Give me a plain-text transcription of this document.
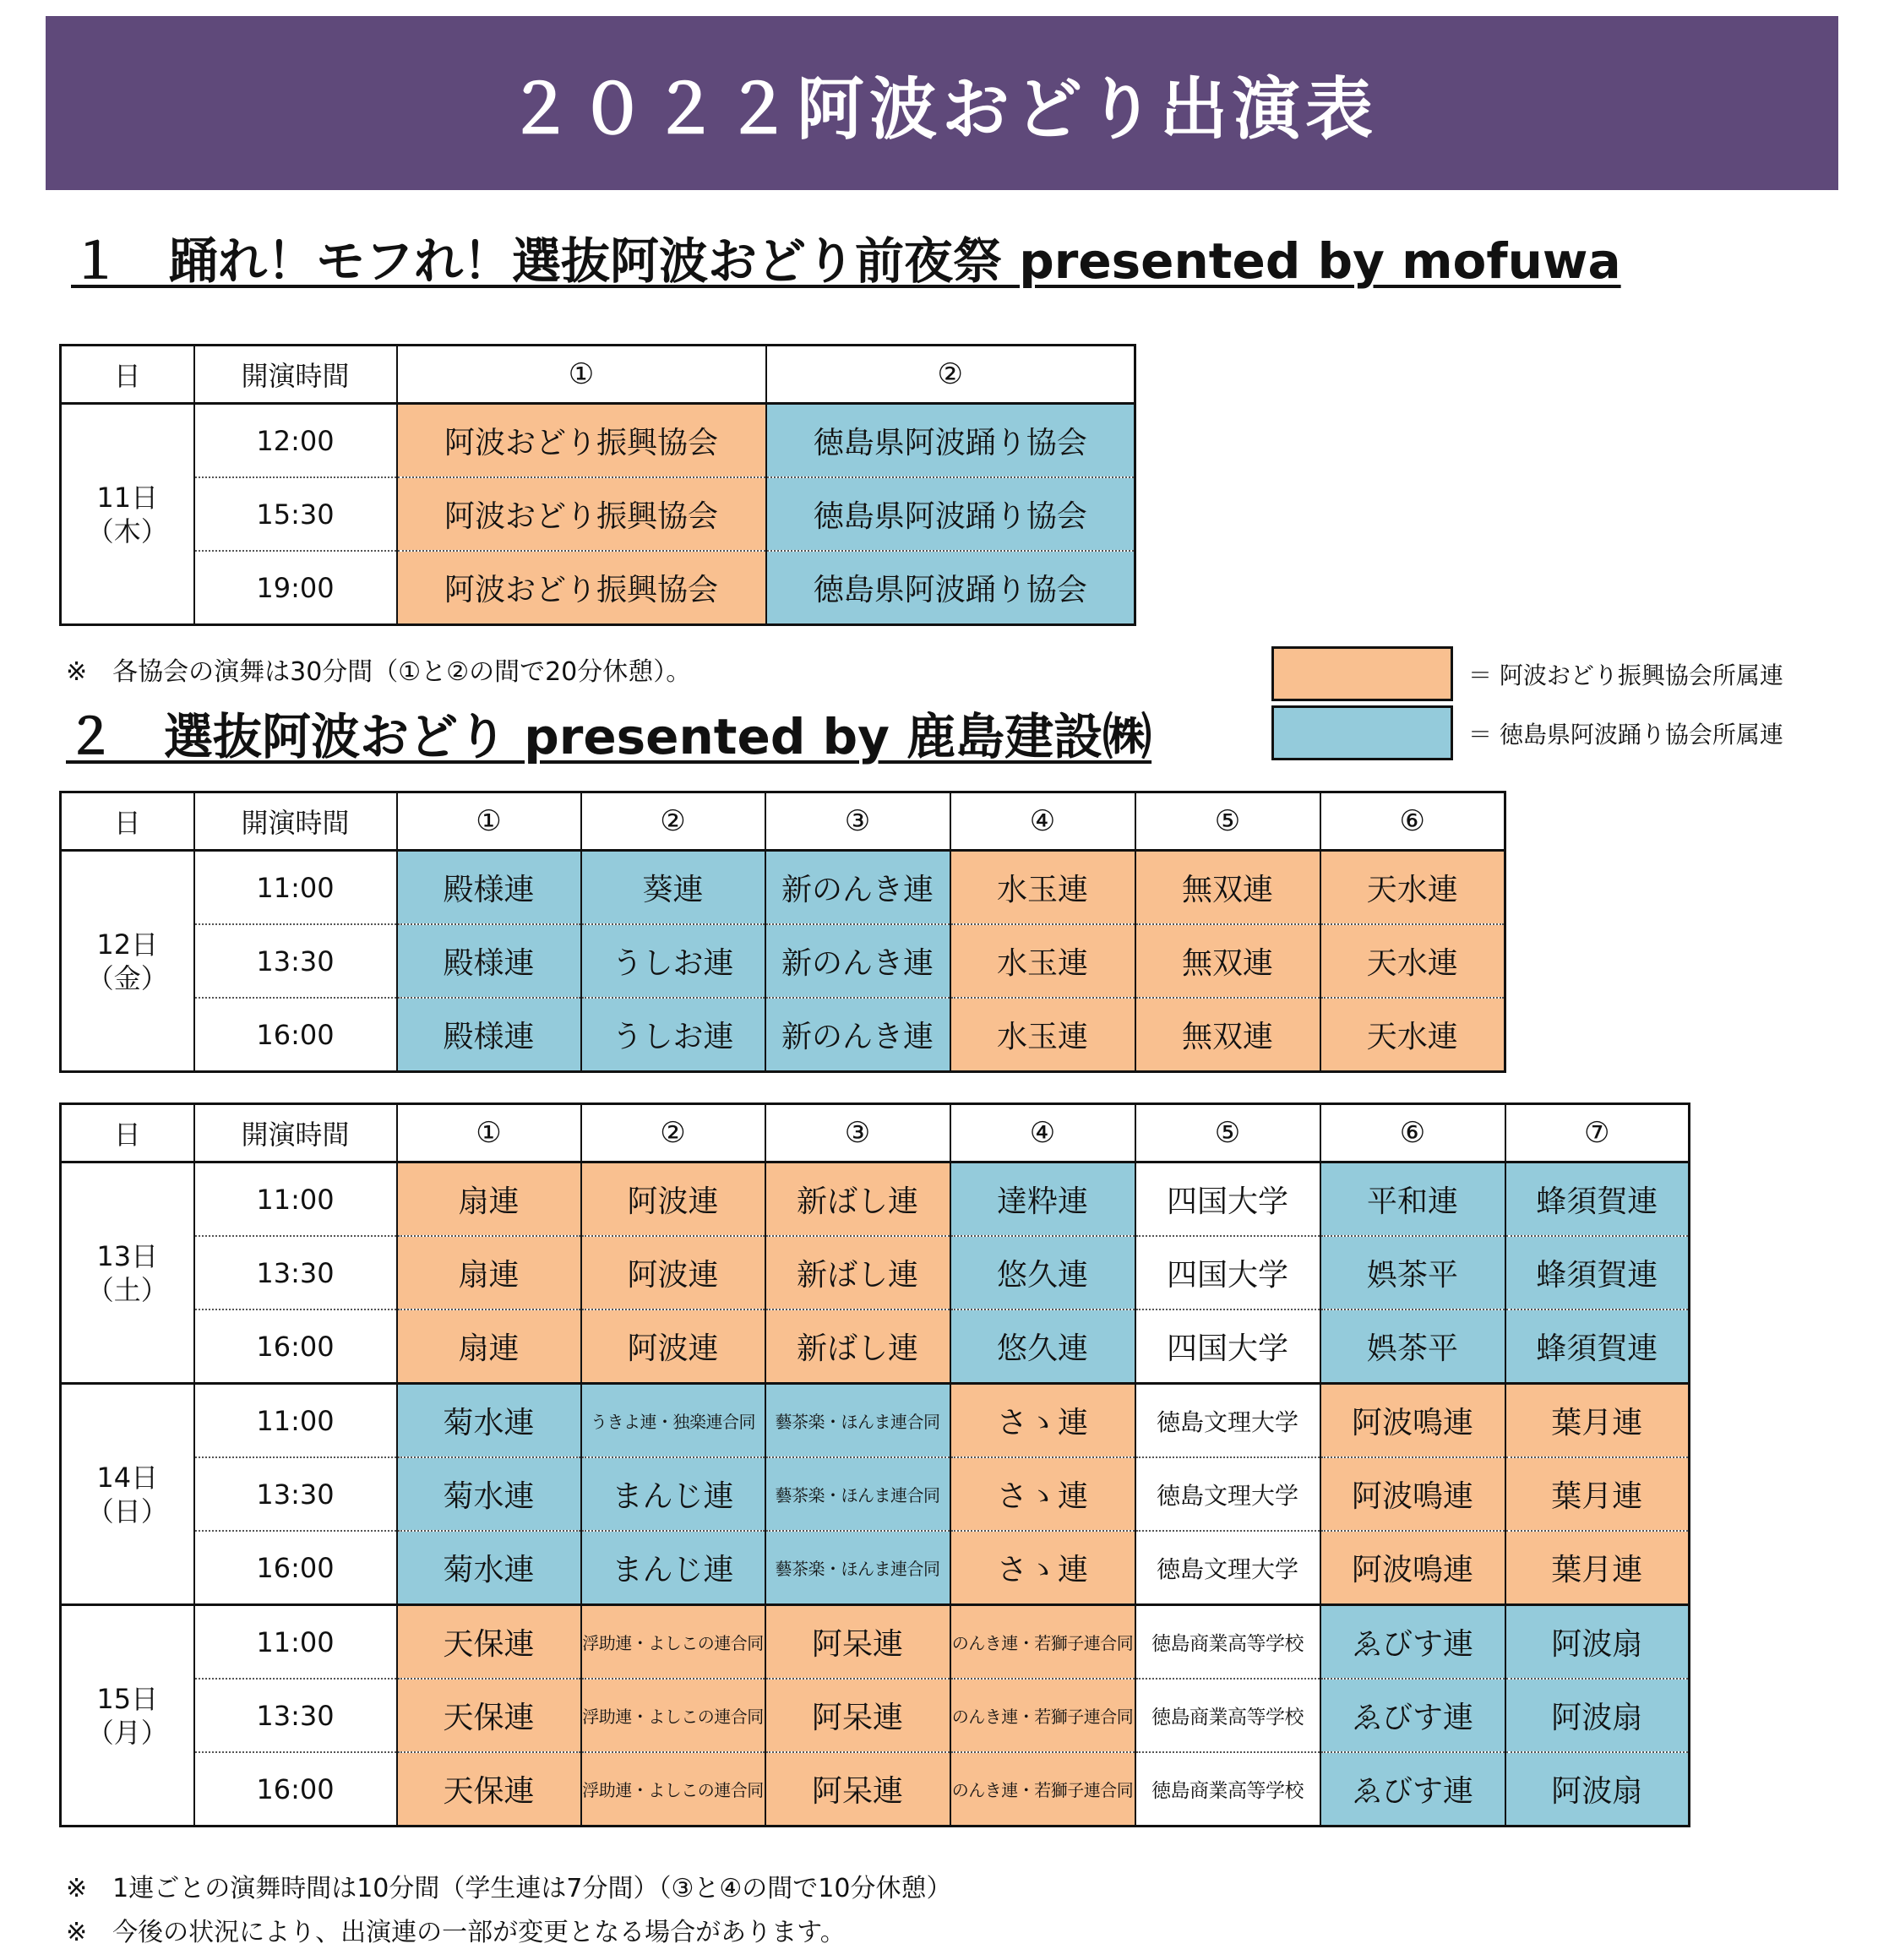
２０２２阿波おどり出演表
１　踊れ！モフれ！選抜阿波おどり前夜祭 presented by mofuwa
日	開演時間	①	②

11日
（木）	12:00	阿波おどり振興協会	徳島県阿波踊り協会
	15:30	阿波おどり振興協会	徳島県阿波踊り協会
	19:00	阿波おどり振興協会	徳島県阿波踊り協会
※　各協会の演舞は30分間（①と②の間で20分休憩）。	＝ 阿波おどり振興協会所属連
＝ 徳島県阿波踊り協会所属連
２　選抜阿波おどり presented by 鹿島建設㈱
日	開演時間	①	②	③	④	⑤	⑥

12日
（金）	11:00	殿様連	葵連	新のんき連	水玉連	無双連	天水連
	13:30	殿様連	うしお連	新のんき連	水玉連	無双連	天水連
	16:00	殿様連	うしお連	新のんき連	水玉連	無双連	天水連
日	開演時間	①	②	③	④	⑤	⑥	⑦

13日
（土）	11:00	扇連	阿波連	新ばし連	達粋連	四国大学	平和連	蜂須賀連
	13:30	扇連	阿波連	新ばし連	悠久連	四国大学	娯茶平	蜂須賀連
	16:00	扇連	阿波連	新ばし連	悠久連	四国大学	娯茶平	蜂須賀連

14日
（日）	11:00	菊水連	うきよ連・独楽連合同	藝茶楽・ほんま連合同	さゝ連	徳島文理大学	阿波鳴連	葉月連
	13:30	菊水連	まんじ連	藝茶楽・ほんま連合同	さゝ連	徳島文理大学	阿波鳴連	葉月連
	16:00	菊水連	まんじ連	藝茶楽・ほんま連合同	さゝ連	徳島文理大学	阿波鳴連	葉月連

15日
（月）	11:00	天保連	浮助連・よしこの連合同	阿呆連	のんき連・若獅子連合同	徳島商業高等学校	ゑびす連	阿波扇
	13:30	天保連	浮助連・よしこの連合同	阿呆連	のんき連・若獅子連合同	徳島商業高等学校	ゑびす連	阿波扇
	16:00	天保連	浮助連・よしこの連合同	阿呆連	のんき連・若獅子連合同	徳島商業高等学校	ゑびす連	阿波扇
※　1連ごとの演舞時間は10分間（学生連は7分間）（③と④の間で10分休憩）
※　今後の状況により、出演連の一部が変更となる場合があります。
